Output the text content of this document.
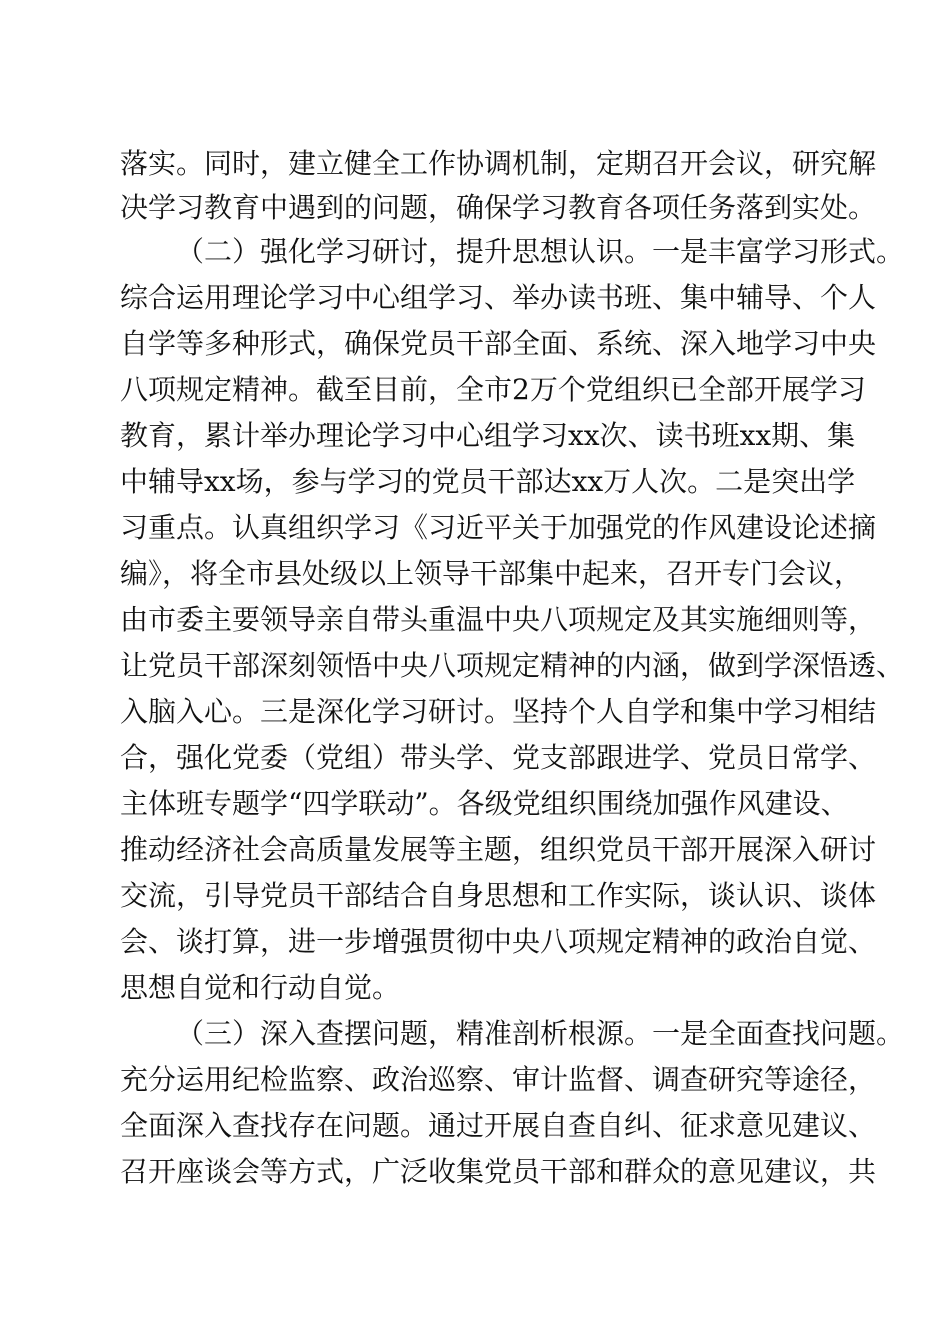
落实。同时，建立健全工作协调机制，定期召开会议，研究解
决学习教育中遇到的问题，确保学习教育各项任务落到实处。
（二）强化学习研讨，提升思想认识。一是丰富学习形式。
综合运用理论学习中心组学习、举办读书班、集中辅导、个人
自学等多种形式，确保党员干部全面、系统、深入地学习中央
八项规定精神。截至目前，全市2万个党组织已全部开展学习
教育，累计举办理论学习中心组学习xx次、读书班xx期、集
中辅导xx场，参与学习的党员干部达xx万人次。二是突出学
习重点。认真组织学习《习近平关于加强党的作风建设论述摘
编》，将全市县处级以上领导干部集中起来，召开专门会议，
由市委主要领导亲自带头重温中央八项规定及其实施细则等，
让党员干部深刻领悟中央八项规定精神的内涵，做到学深悟透、
入脑入心。三是深化学习研讨。坚持个人自学和集中学习相结
合，强化党委（党组）带头学、党支部跟进学、党员日常学、
主体班专题学“四学联动”。各级党组织围绕加强作风建设、
推动经济社会高质量发展等主题，组织党员干部开展深入研讨
交流，引导党员干部结合自身思想和工作实际，谈认识、谈体
会、谈打算，进一步增强贯彻中央八项规定精神的政治自觉、
思想自觉和行动自觉。
（三）深入查摆问题，精准剖析根源。一是全面查找问题。
充分运用纪检监察、政治巡察、审计监督、调查研究等途径，
全面深入查找存在问题。通过开展自查自纠、征求意见建议、
召开座谈会等方式，广泛收集党员干部和群众的意见建议，共
